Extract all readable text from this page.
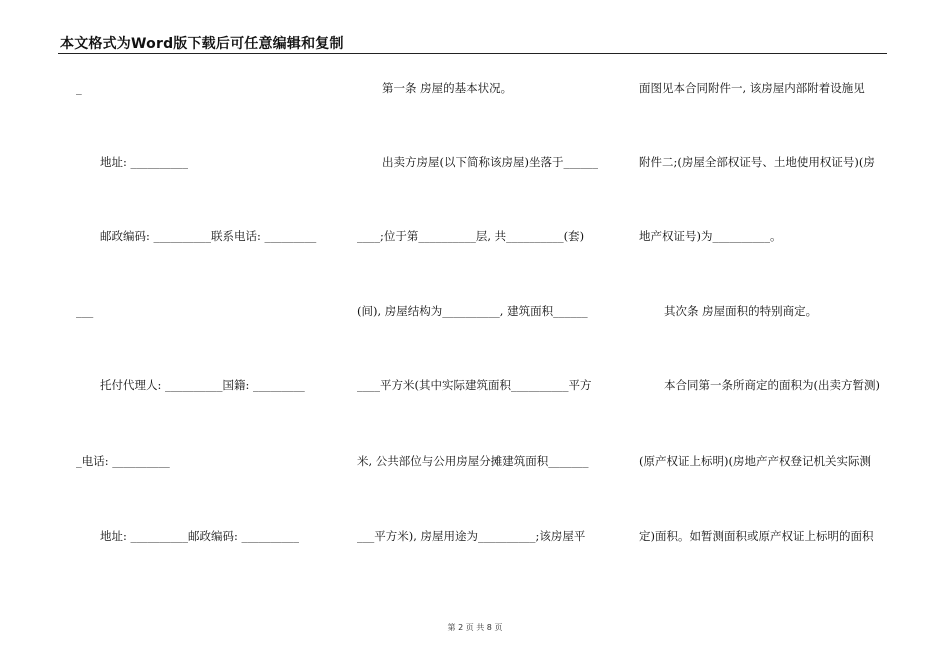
本文格式为Word版下载后可任意编辑和复制
_
地址: __________
邮政编码: __________联系电话: _________
___
托付代理人: __________国籍: _________
_电话: __________
地址: __________邮政编码: __________
第一条 房屋的基本状况。
出卖方房屋(以下简称该房屋)坐落于______
____;位于第__________层, 共__________(套)
(间), 房屋结构为__________, 建筑面积______
____平方米(其中实际建筑面积__________平方
米, 公共部位与公用房屋分摊建筑面积_______
___平方米), 房屋用途为__________;该房屋平
面图见本合同附件一, 该房屋内部附着设施见
附件二;(房屋全部权证号、土地使用权证号)(房
地产权证号)为__________。
其次条 房屋面积的特别商定。
本合同第一条所商定的面积为(出卖方暂测)
(原产权证上标明)(房地产产权登记机关实际测
定)面积。如暂测面积或原产权证上标明的面积
第 2 页 共 8 页
